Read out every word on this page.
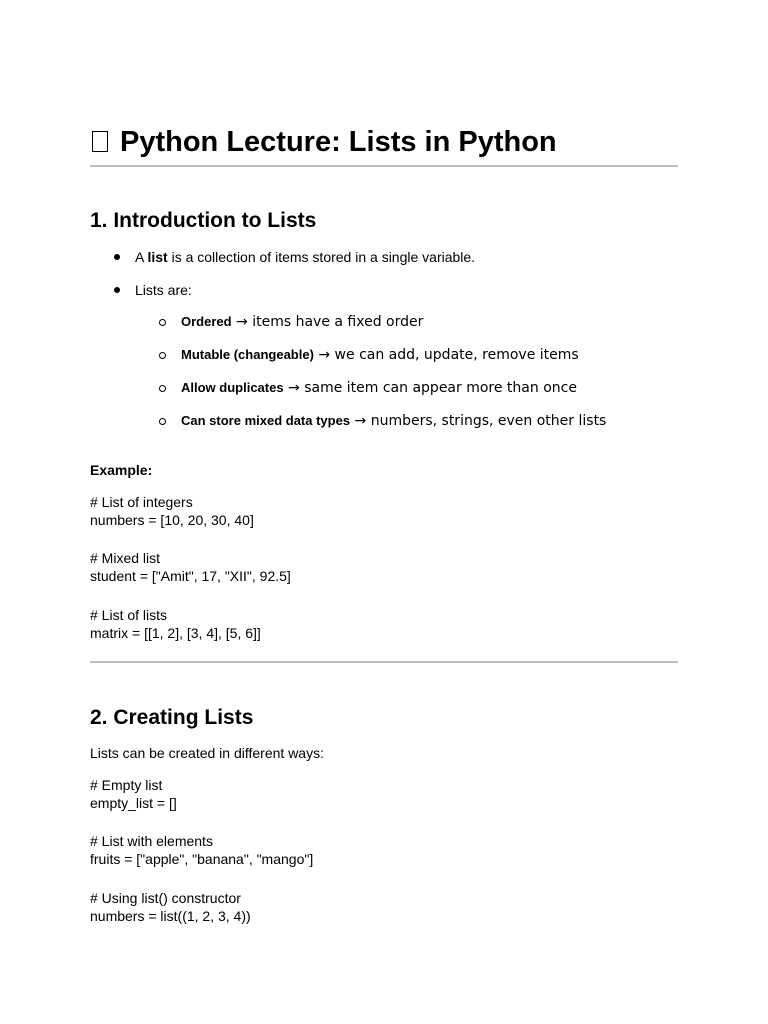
Python Lecture: Lists in Python
1. Introduction to Lists
A list is a collection of items stored in a single variable.
Lists are:
Ordered → items have a fixed order
Mutable (changeable) → we can add, update, remove items
Allow duplicates → same item can appear more than once
Can store mixed data types → numbers, strings, even other lists
Example:
# List of integers
numbers = [10, 20, 30, 40]
# Mixed list
student = ["Amit", 17, "XII", 92.5]
# List of lists
matrix = [[1, 2], [3, 4], [5, 6]]
2. Creating Lists
Lists can be created in different ways:
# Empty list
empty_list = []
# List with elements
fruits = ["apple", "banana", "mango"]
# Using list() constructor
numbers = list((1, 2, 3, 4))
